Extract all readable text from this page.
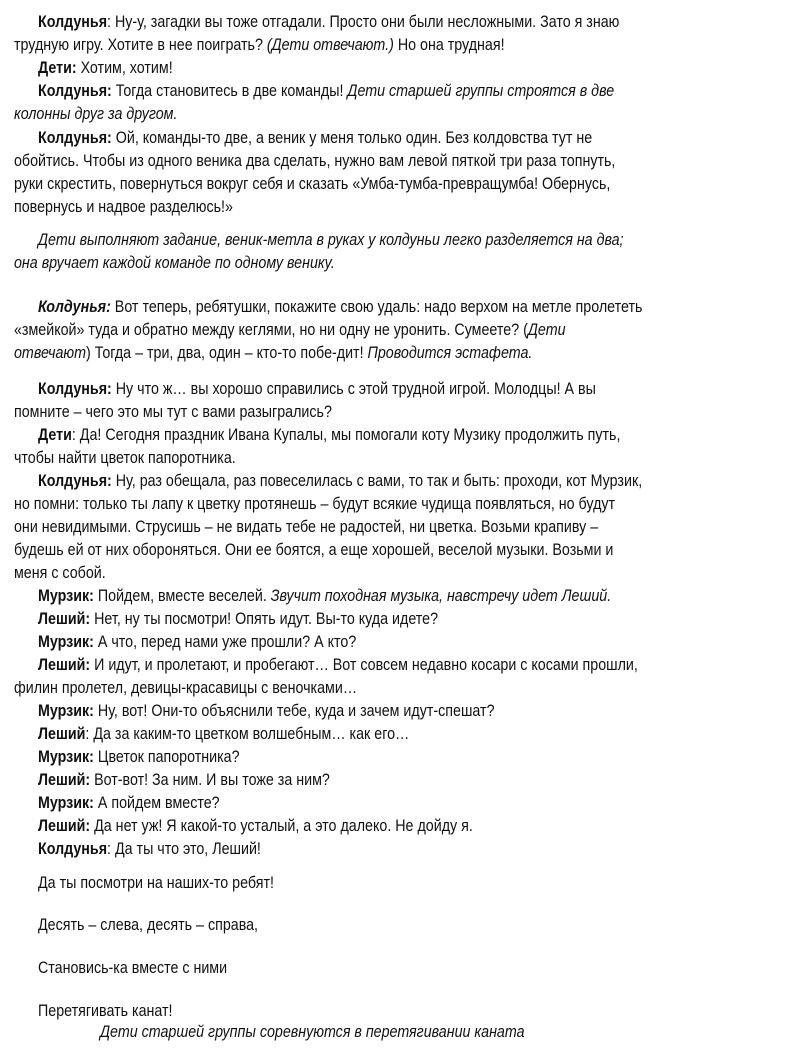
Колдунья: Ну-у, загадки вы тоже отгадали. Просто они были несложными. Зато я знаю
трудную игру. Хотите в нее поиграть? (Дети отвечают.) Но она трудная!
Дети: Хотим, хотим!
Колдунья: Тогда становитесь в две команды! Дети старшей группы строятся в две
колонны друг за другом.
Колдунья: Ой, команды-то две, а веник у меня только один. Без колдовства тут не
обойтись. Чтобы из одного веника два сделать, нужно вам левой пяткой три раза топнуть,
руки скрестить, повернуться вокруг себя и сказать «Умба-тумба-превращумба! Обернусь,
повернусь и надвое разделюсь!»
Дети выполняют задание, веник-метла в руках у колдуньи легко разделяется на два;
она вручает каждой команде по одному венику.
Колдунья: Вот теперь, ребятушки, покажите свою удаль: надо верхом на метле пролететь
«змейкой» туда и обратно между кеглями, но ни одну не уронить. Сумеете? (Дети
отвечают) Тогда – три, два, один – кто-то побе-дит! Проводится эстафета.
Колдунья: Ну что ж… вы хорошо справились с этой трудной игрой. Молодцы! А вы
помните – чего это мы тут с вами разыгрались?
Дети: Да! Сегодня праздник Ивана Купалы, мы помогали коту Музику продолжить путь,
чтобы найти цветок папоротника.
Колдунья: Ну, раз обещала, раз повеселилась с вами, то так и быть: проходи, кот Мурзик,
но помни: только ты лапу к цветку протянешь – будут всякие чудища появляться, но будут
они невидимыми. Струсишь – не видать тебе не радостей, ни цветка. Возьми крапиву –
будешь ей от них обороняться. Они ее боятся, а еще хорошей, веселой музыки. Возьми и
меня с собой.
Мурзик: Пойдем, вместе веселей. Звучит походная музыка, навстречу идет Леший.
Леший: Нет, ну ты посмотри! Опять идут. Вы-то куда идете?
Мурзик: А что, перед нами уже прошли? А кто?
Леший: И идут, и пролетают, и пробегают… Вот совсем недавно косари с косами прошли,
филин пролетел, девицы-красавицы с веночками…
Мурзик: Ну, вот! Они-то объяснили тебе, куда и зачем идут-спешат?
Леший: Да за каким-то цветком волшебным… как его…
Мурзик: Цветок папоротника?
Леший: Вот-вот! За ним. И вы тоже за ним?
Мурзик: А пойдем вместе?
Леший: Да нет уж! Я какой-то усталый, а это далеко. Не дойду я.
Колдунья: Да ты что это, Леший!
Да ты посмотри на наших-то ребят!
Десять – слева, десять – справа,
Становись-ка вместе с ними
Перетягивать канат!
Дети старшей группы соревнуются в перетягивании каната
